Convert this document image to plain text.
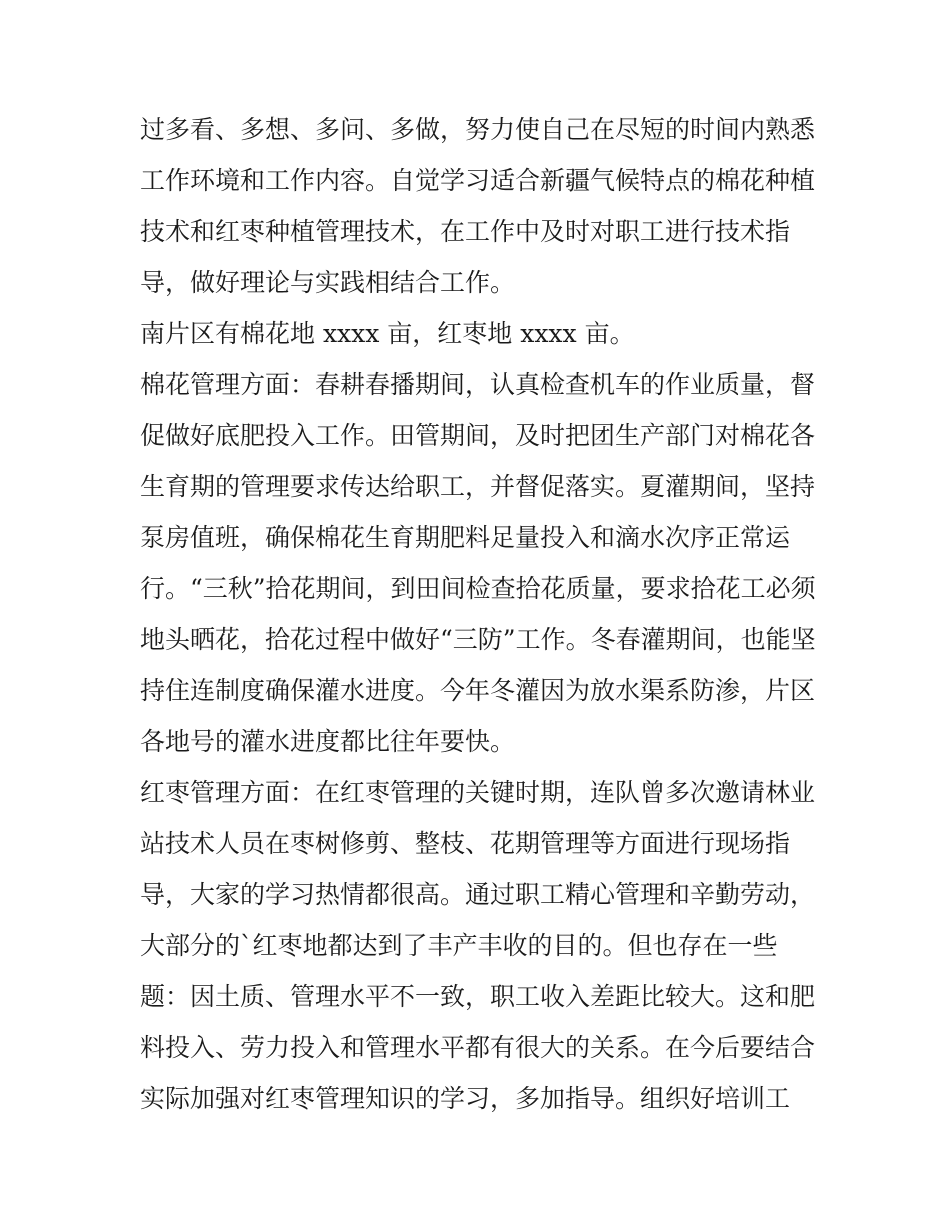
过多看、多想、多问、多做，努力使自己在尽短的时间内熟悉
工作环境和工作内容。自觉学习适合新疆气候特点的棉花种植
技术和红枣种植管理技术，在工作中及时对职工进行技术指
导，做好理论与实践相结合工作。
南片区有棉花地 xxxx 亩，红枣地 xxxx 亩。
棉花管理方面：春耕春播期间，认真检查机车的作业质量，督
促做好底肥投入工作。田管期间，及时把团生产部门对棉花各
生育期的管理要求传达给职工，并督促落实。夏灌期间，坚持
泵房值班，确保棉花生育期肥料足量投入和滴水次序正常运
行。“三秋”拾花期间，到田间检查拾花质量，要求拾花工必须
地头晒花，拾花过程中做好“三防”工作。冬春灌期间，也能坚
持住连制度确保灌水进度。今年冬灌因为放水渠系防渗，片区
各地号的灌水进度都比往年要快。
红枣管理方面：在红枣管理的关键时期，连队曾多次邀请林业
站技术人员在枣树修剪、整枝、花期管理等方面进行现场指
导，大家的学习热情都很高。通过职工精心管理和辛勤劳动，
大部分的`红枣地都达到了丰产丰收的目的。但也存在一些
题：因土质、管理水平不一致，职工收入差距比较大。这和肥
料投入、劳力投入和管理水平都有很大的关系。在今后要结合
实际加强对红枣管理知识的学习，多加指导。组织好培训工
